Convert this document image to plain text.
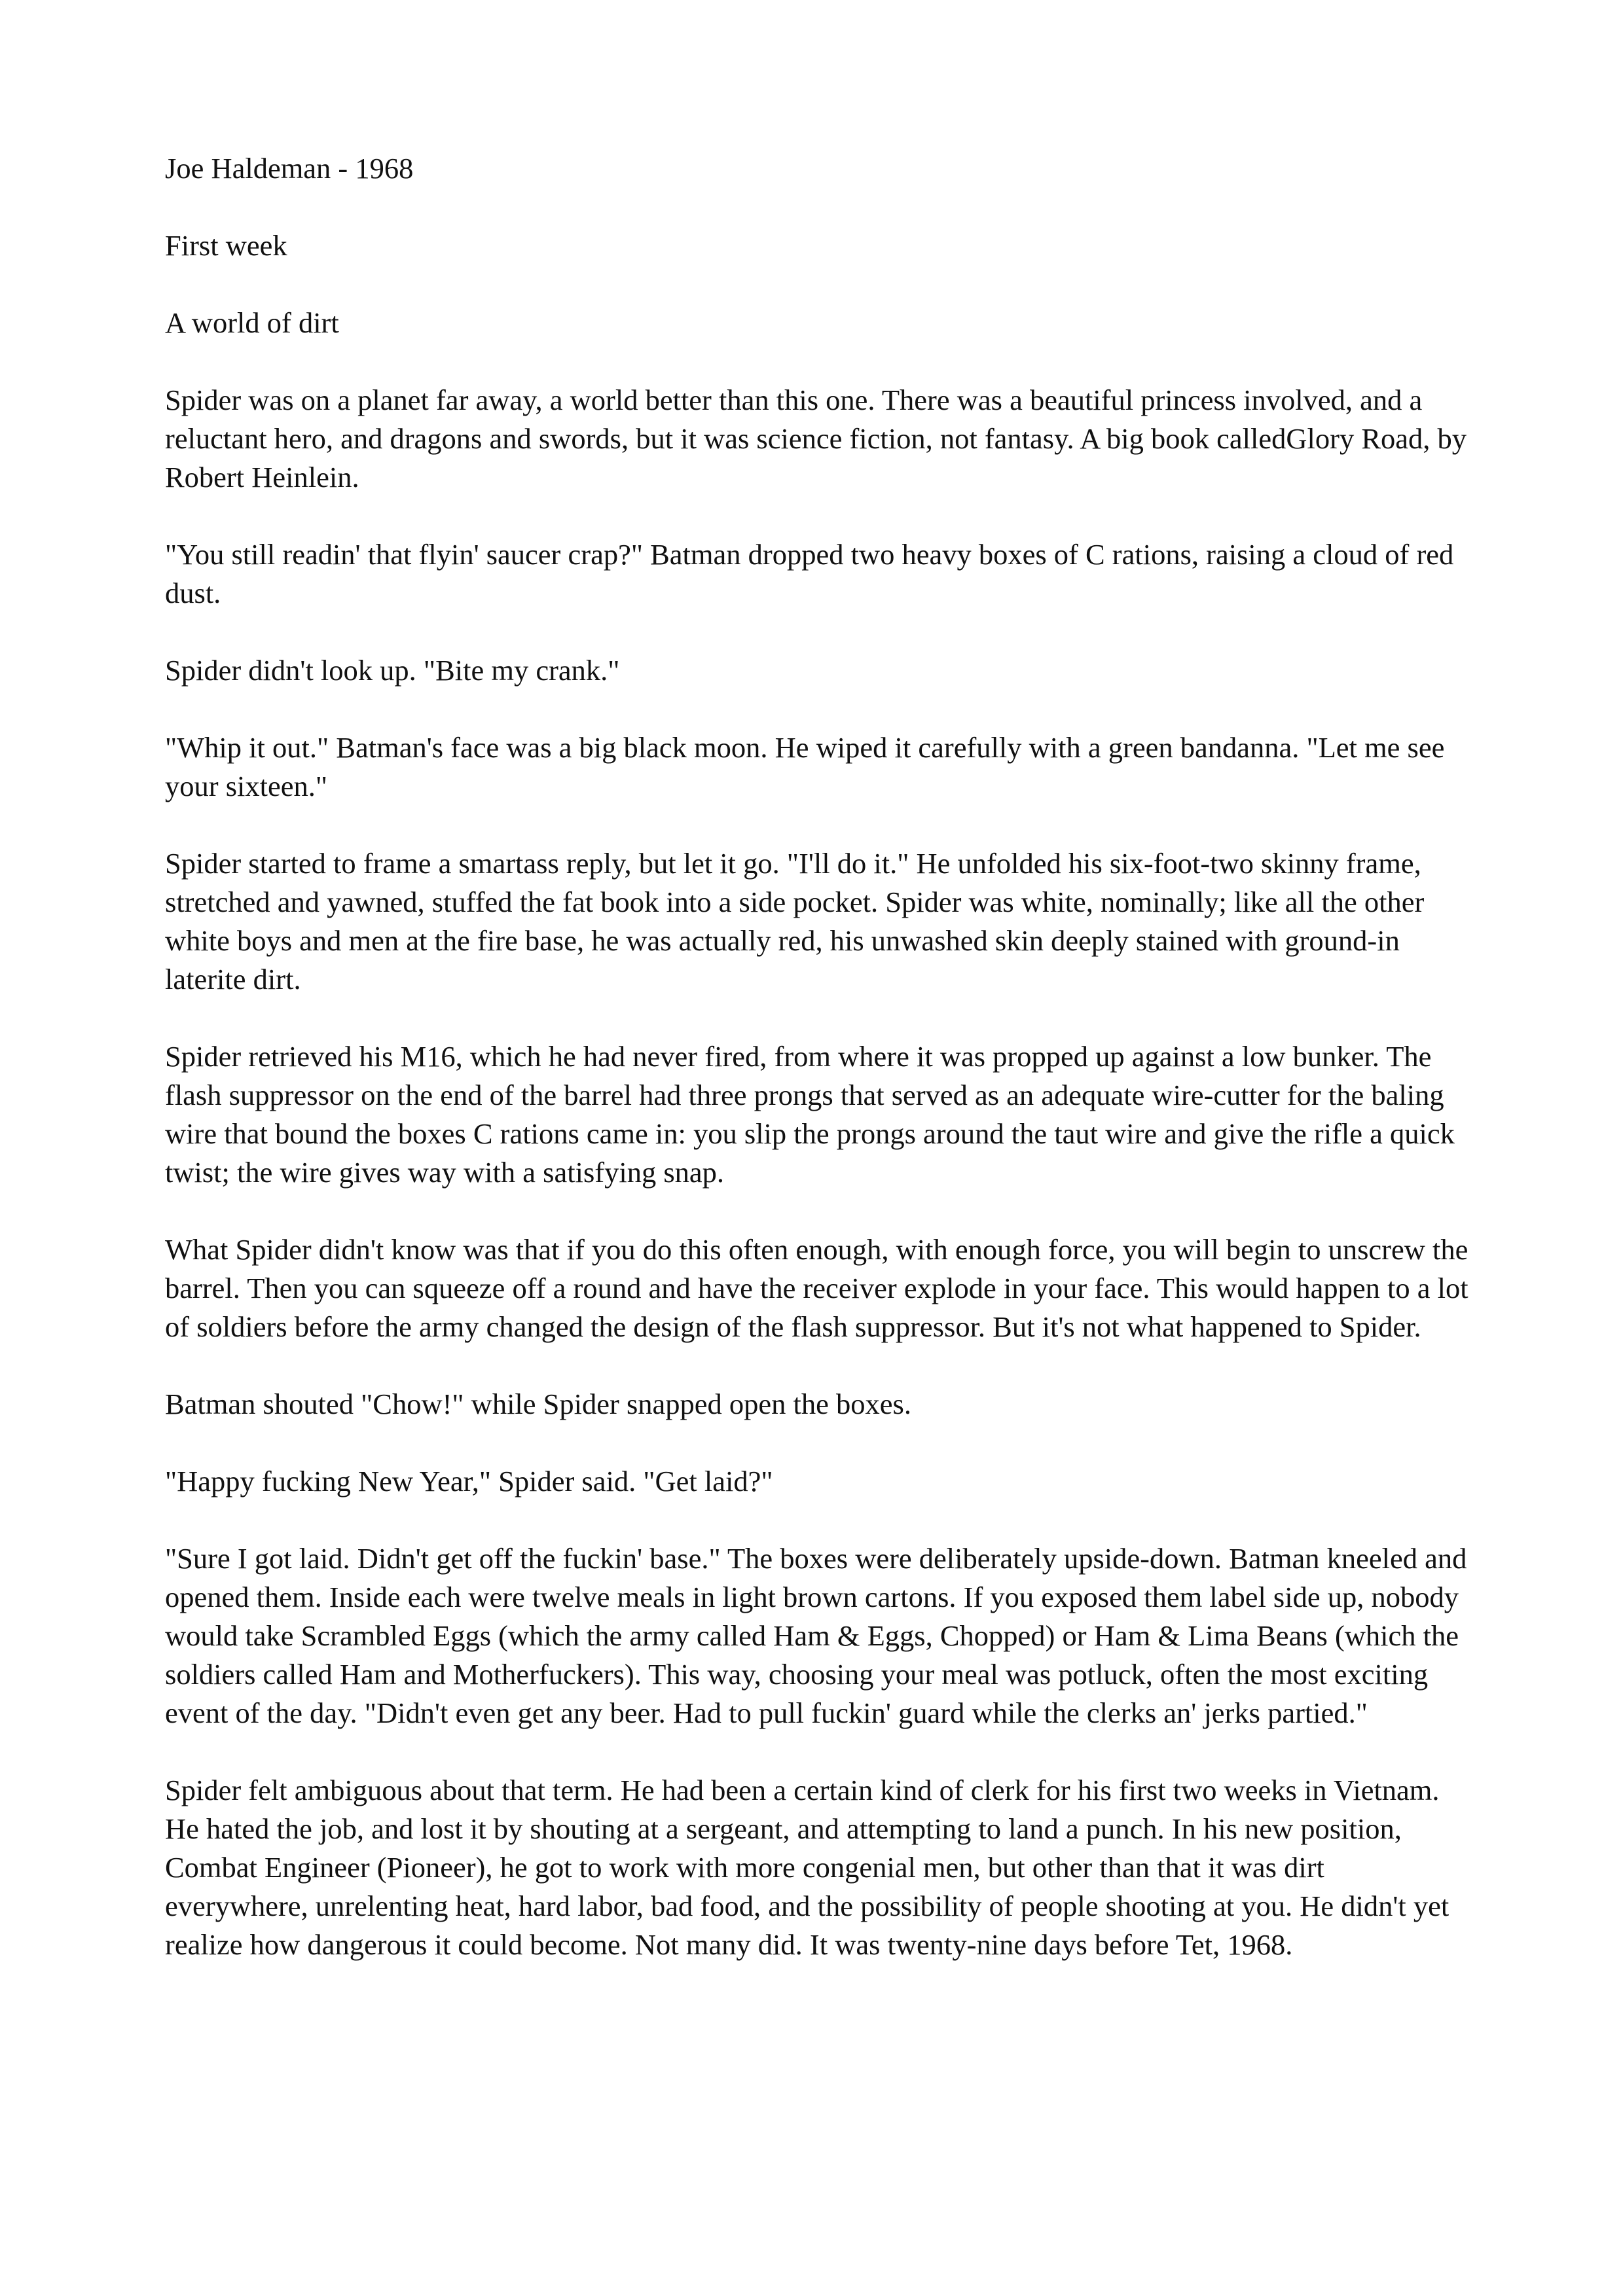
Joe Haldeman - 1968

First week

A world of dirt

Spider was on a planet far away, a world better than this one. There was a beautiful princess involved, and a reluctant hero, and dragons and swords, but it was science fiction, not fantasy. A big book calledGlory Road, by Robert Heinlein.

"You still readin' that flyin' saucer crap?" Batman dropped two heavy boxes of C rations, raising a cloud of red dust.

Spider didn't look up. "Bite my crank."

"Whip it out." Batman's face was a big black moon. He wiped it carefully with a green bandanna. "Let me see your sixteen."

Spider started to frame a smartass reply, but let it go. "I'll do it." He unfolded his six-foot-two skinny frame, stretched and yawned, stuffed the fat book into a side pocket. Spider was white, nominally; like all the other white boys and men at the fire base, he was actually red, his unwashed skin deeply stained with ground-in laterite dirt.

Spider retrieved his M16, which he had never fired, from where it was propped up against a low bunker. The flash suppressor on the end of the barrel had three prongs that served as an adequate wire-cutter for the baling wire that bound the boxes C rations came in: you slip the prongs around the taut wire and give the rifle a quick twist; the wire gives way with a satisfying snap.

What Spider didn't know was that if you do this often enough, with enough force, you will begin to unscrew the barrel. Then you can squeeze off a round and have the receiver explode in your face. This would happen to a lot of soldiers before the army changed the design of the flash suppressor. But it's not what happened to Spider.

Batman shouted "Chow!" while Spider snapped open the boxes.

"Happy fucking New Year," Spider said. "Get laid?"

"Sure I got laid. Didn't get off the fuckin' base." The boxes were deliberately upside-down. Batman kneeled and opened them. Inside each were twelve meals in light brown cartons. If you exposed them label side up, nobody would take Scrambled Eggs (which the army called Ham & Eggs, Chopped) or Ham & Lima Beans (which the soldiers called Ham and Motherfuckers). This way, choosing your meal was potluck, often the most exciting event of the day. "Didn't even get any beer. Had to pull fuckin' guard while the clerks an' jerks partied."

Spider felt ambiguous about that term. He had been a certain kind of clerk for his first two weeks in Vietnam. He hated the job, and lost it by shouting at a sergeant, and attempting to land a punch. In his new position, Combat Engineer (Pioneer), he got to work with more congenial men, but other than that it was dirt everywhere, unrelenting heat, hard labor, bad food, and the possibility of people shooting at you. He didn't yet realize how dangerous it could become. Not many did. It was twenty-nine days before Tet, 1968.
